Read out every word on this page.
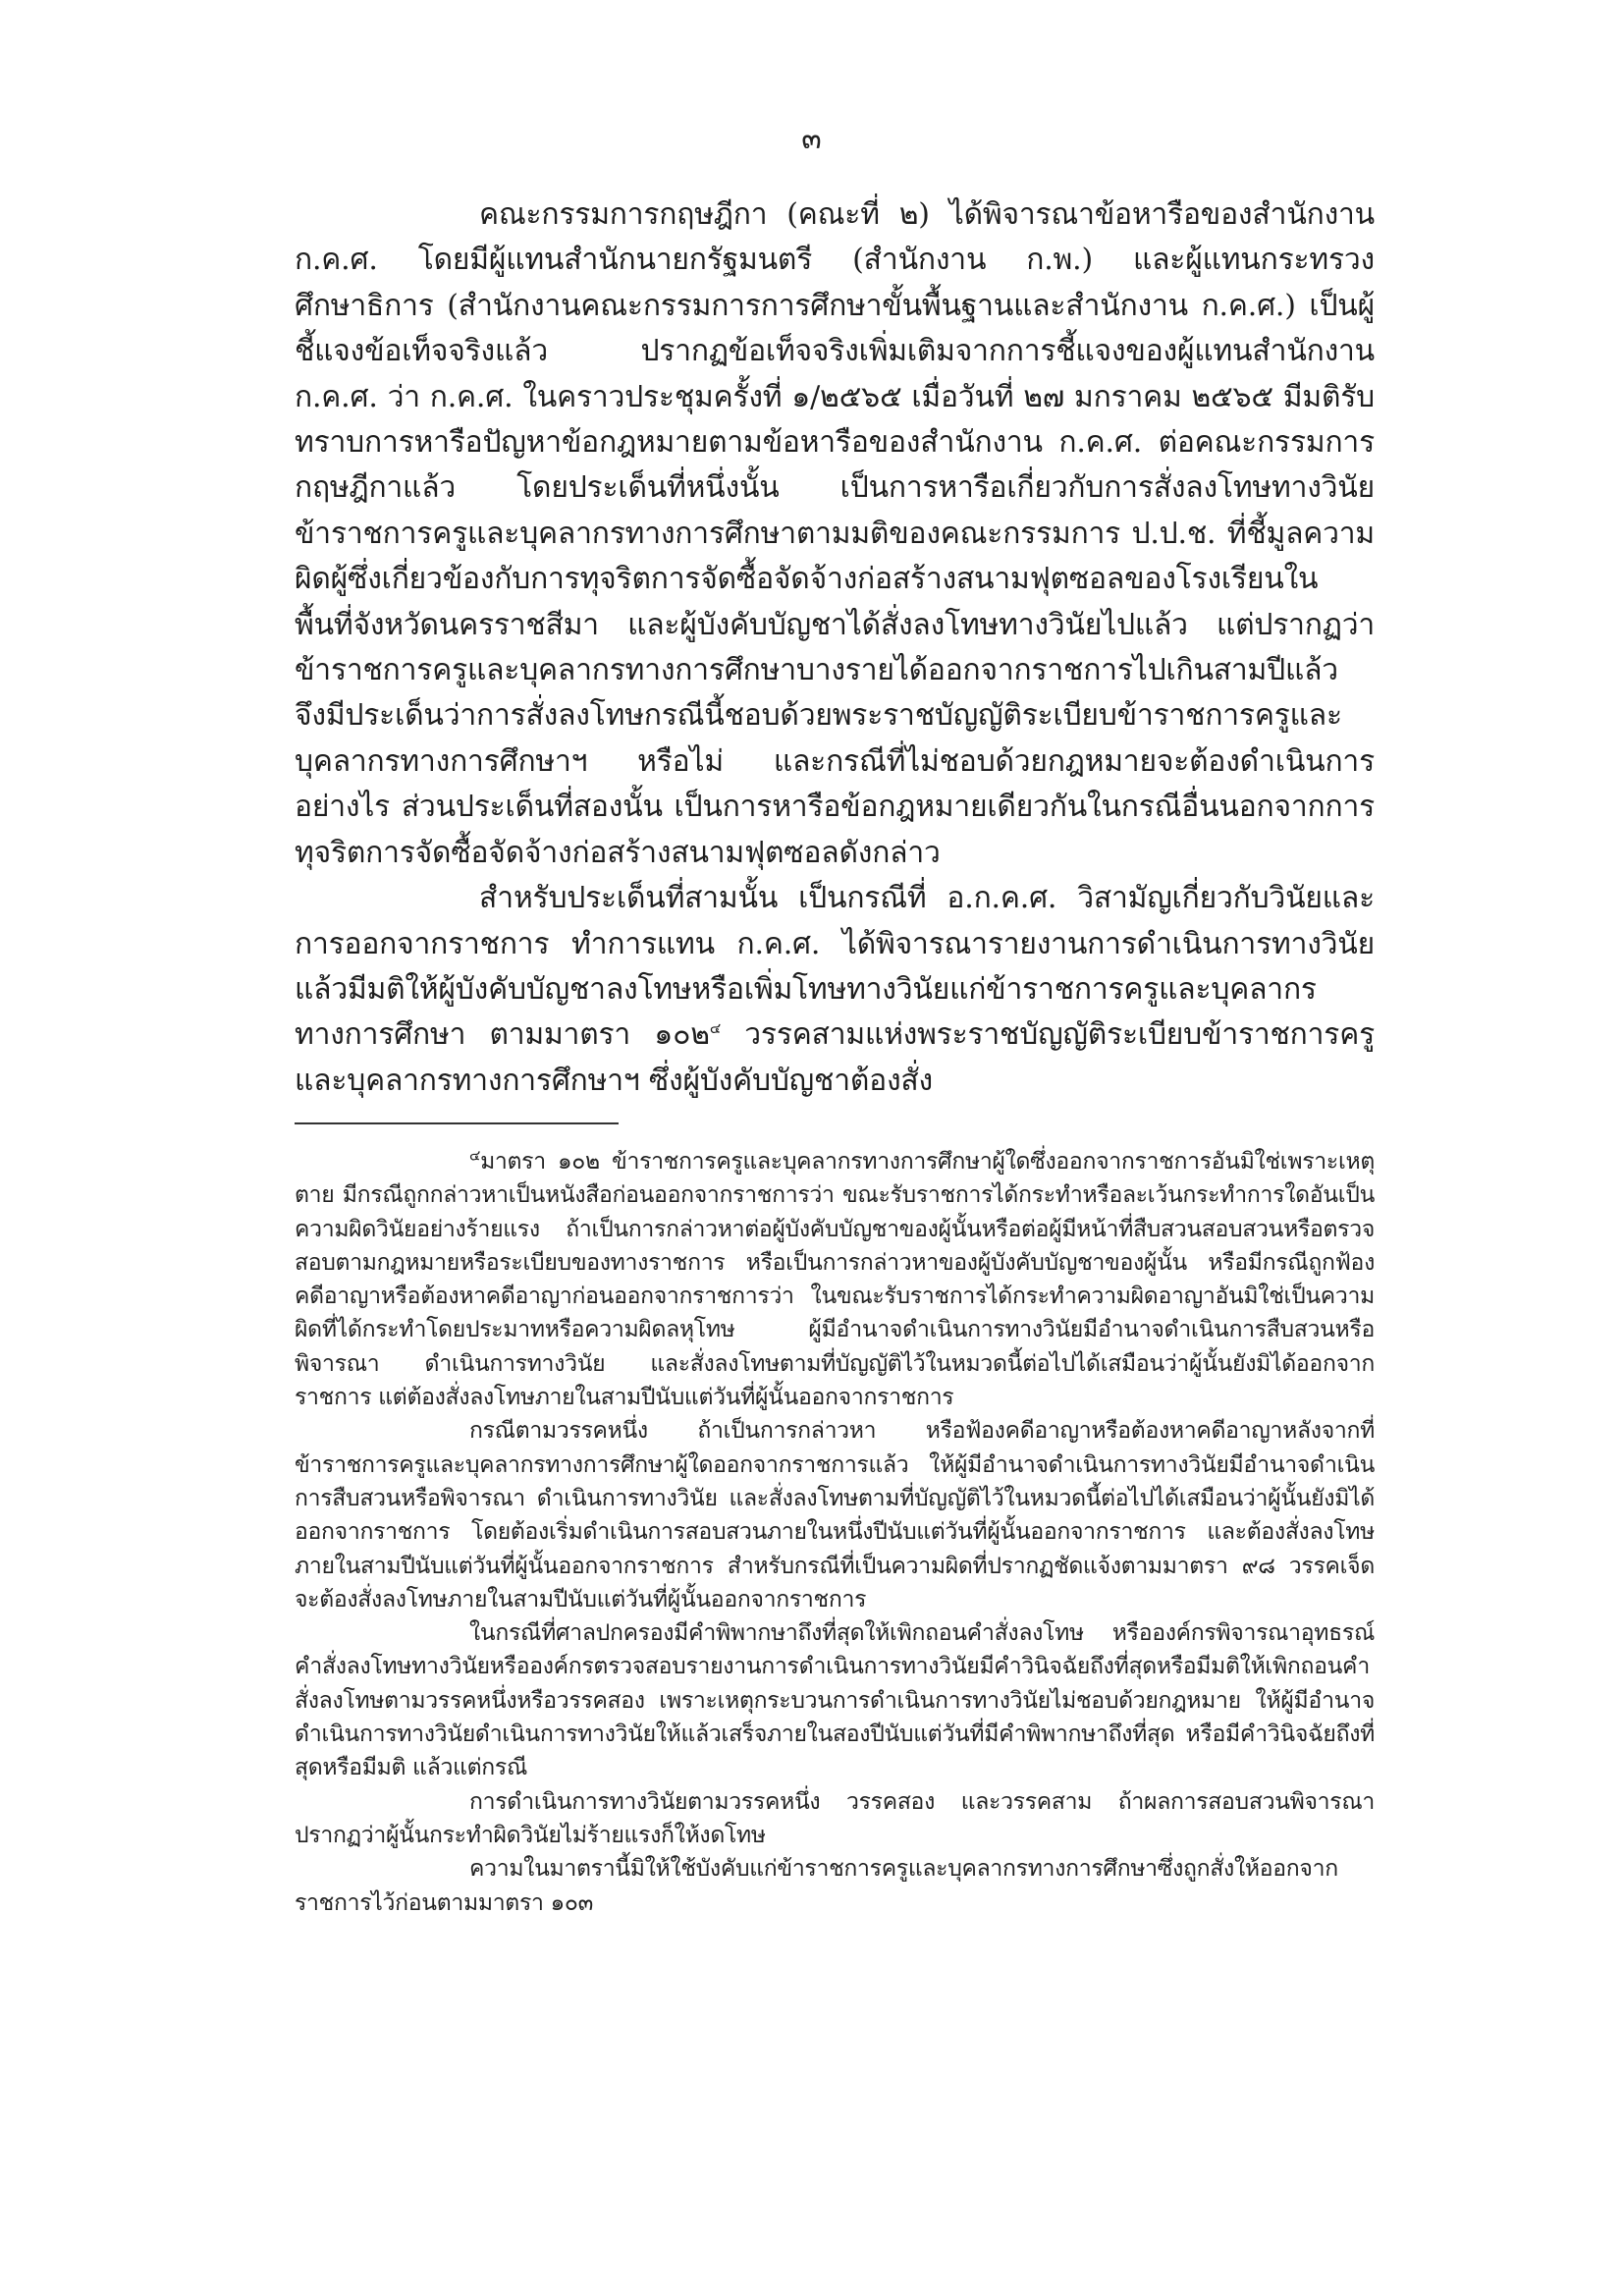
๓

คณะกรรมการกฤษฎีกา (คณะที่ ๒) ได้พิจารณาข้อหารือของสำนักงาน ก.ค.ศ. โดยมีผู้แทนสำนักนายกรัฐมนตรี (สำนักงาน ก.พ.) และผู้แทนกระทรวงศึกษาธิการ (สำนักงานคณะกรรมการการศึกษาขั้นพื้นฐานและสำนักงาน ก.ค.ศ.) เป็นผู้ชี้แจงข้อเท็จจริงแล้ว ปรากฏข้อเท็จจริงเพิ่มเติมจากการชี้แจงของผู้แทนสำนักงาน ก.ค.ศ. ว่า ก.ค.ศ. ในคราวประชุมครั้งที่ ๑/๒๕๖๕ เมื่อวันที่ ๒๗ มกราคม ๒๕๖๕ มีมติรับทราบการหารือปัญหาข้อกฎหมายตามข้อหารือของสำนักงาน ก.ค.ศ. ต่อคณะกรรมการกฤษฎีกาแล้ว โดยประเด็นที่หนึ่งนั้น เป็นการหารือเกี่ยวกับการสั่งลงโทษทางวินัยข้าราชการครูและบุคลากรทางการศึกษาตามมติของคณะกรรมการ ป.ป.ช. ที่ชี้มูลความผิดผู้ซึ่งเกี่ยวข้องกับการทุจริตการจัดซื้อจัดจ้างก่อสร้างสนามฟุตซอลของโรงเรียนในพื้นที่จังหวัดนครราชสีมา และผู้บังคับบัญชาได้สั่งลงโทษทางวินัยไปแล้ว แต่ปรากฏว่าข้าราชการครูและบุคลากรทางการศึกษาบางรายได้ออกจากราชการไปเกินสามปีแล้ว จึงมีประเด็นว่าการสั่งลงโทษกรณีนี้ชอบด้วยพระราชบัญญัติระเบียบข้าราชการครูและบุคลากรทางการศึกษาฯ หรือไม่ และกรณีที่ไม่ชอบด้วยกฎหมายจะต้องดำเนินการอย่างไร ส่วนประเด็นที่สองนั้น เป็นการหารือข้อกฎหมายเดียวกันในกรณีอื่นนอกจากการทุจริตการจัดซื้อจัดจ้างก่อสร้างสนามฟุตซอลดังกล่าว

สำหรับประเด็นที่สามนั้น เป็นกรณีที่ อ.ก.ค.ศ. วิสามัญเกี่ยวกับวินัยและการออกจากราชการ ทำการแทน ก.ค.ศ. ได้พิจารณารายงานการดำเนินการทางวินัยแล้วมีมติให้ผู้บังคับบัญชาลงโทษหรือเพิ่มโทษทางวินัยแก่ข้าราชการครูและบุคลากรทางการศึกษา ตามมาตรา ๑๐๒$^๔$ วรรคสามแห่งพระราชบัญญัติระเบียบข้าราชการครูและบุคลากรทางการศึกษาฯ ซึ่งผู้บังคับบัญชาต้องสั่ง

$^๔$มาตรา ๑๐๒ ข้าราชการครูและบุคลากรทางการศึกษาผู้ใดซึ่งออกจากราชการอันมิใช่เพราะเหตุตาย มีกรณีถูกกล่าวหาเป็นหนังสือก่อนออกจากราชการว่า ขณะรับราชการได้กระทำหรือละเว้นกระทำการใดอันเป็นความผิดวินัยอย่างร้ายแรง ถ้าเป็นการกล่าวหาต่อผู้บังคับบัญชาของผู้นั้นหรือต่อผู้มีหน้าที่สืบสวนสอบสวนหรือตรวจสอบตามกฎหมายหรือระเบียบของทางราชการ หรือเป็นการกล่าวหาของผู้บังคับบัญชาของผู้นั้น หรือมีกรณีถูกฟ้องคดีอาญาหรือต้องหาคดีอาญาก่อนออกจากราชการว่า ในขณะรับราชการได้กระทำความผิดอาญาอันมิใช่เป็นความผิดที่ได้กระทำโดยประมาทหรือความผิดลหุโทษ ผู้มีอำนาจดำเนินการทางวินัยมีอำนาจดำเนินการสืบสวนหรือพิจารณา ดำเนินการทางวินัย และสั่งลงโทษตามที่บัญญัติไว้ในหมวดนี้ต่อไปได้เสมือนว่าผู้นั้นยังมิได้ออกจากราชการ แต่ต้องสั่งลงโทษภายในสามปีนับแต่วันที่ผู้นั้นออกจากราชการ

กรณีตามวรรคหนึ่ง ถ้าเป็นการกล่าวหา หรือฟ้องคดีอาญาหรือต้องหาคดีอาญาหลังจากที่ข้าราชการครูและบุคลากรทางการศึกษาผู้ใดออกจากราชการแล้ว ให้ผู้มีอำนาจดำเนินการทางวินัยมีอำนาจดำเนินการสืบสวนหรือพิจารณา ดำเนินการทางวินัย และสั่งลงโทษตามที่บัญญัติไว้ในหมวดนี้ต่อไปได้เสมือนว่าผู้นั้นยังมิได้ออกจากราชการ โดยต้องเริ่มดำเนินการสอบสวนภายในหนึ่งปีนับแต่วันที่ผู้นั้นออกจากราชการ และต้องสั่งลงโทษภายในสามปีนับแต่วันที่ผู้นั้นออกจากราชการ สำหรับกรณีที่เป็นความผิดที่ปรากฏชัดแจ้งตามมาตรา ๙๘ วรรคเจ็ด จะต้องสั่งลงโทษภายในสามปีนับแต่วันที่ผู้นั้นออกจากราชการ

ในกรณีที่ศาลปกครองมีคำพิพากษาถึงที่สุดให้เพิกถอนคำสั่งลงโทษ หรือองค์กรพิจารณาอุทธรณ์คำสั่งลงโทษทางวินัยหรือองค์กรตรวจสอบรายงานการดำเนินการทางวินัยมีคำวินิจฉัยถึงที่สุดหรือมีมติให้เพิกถอนคำสั่งลงโทษตามวรรคหนึ่งหรือวรรคสอง เพราะเหตุกระบวนการดำเนินการทางวินัยไม่ชอบด้วยกฎหมาย ให้ผู้มีอำนาจดำเนินการทางวินัยดำเนินการทางวินัยให้แล้วเสร็จภายในสองปีนับแต่วันที่มีคำพิพากษาถึงที่สุด หรือมีคำวินิจฉัยถึงที่สุดหรือมีมติ แล้วแต่กรณี

การดำเนินการทางวินัยตามวรรคหนึ่ง วรรคสอง และวรรคสาม ถ้าผลการสอบสวนพิจารณาปรากฏว่าผู้นั้นกระทำผิดวินัยไม่ร้ายแรงก็ให้งดโทษ

ความในมาตรานี้มิให้ใช้บังคับแก่ข้าราชการครูและบุคลากรทางการศึกษาซึ่งถูกสั่งให้ออกจากราชการไว้ก่อนตามมาตรา ๑๐๓
